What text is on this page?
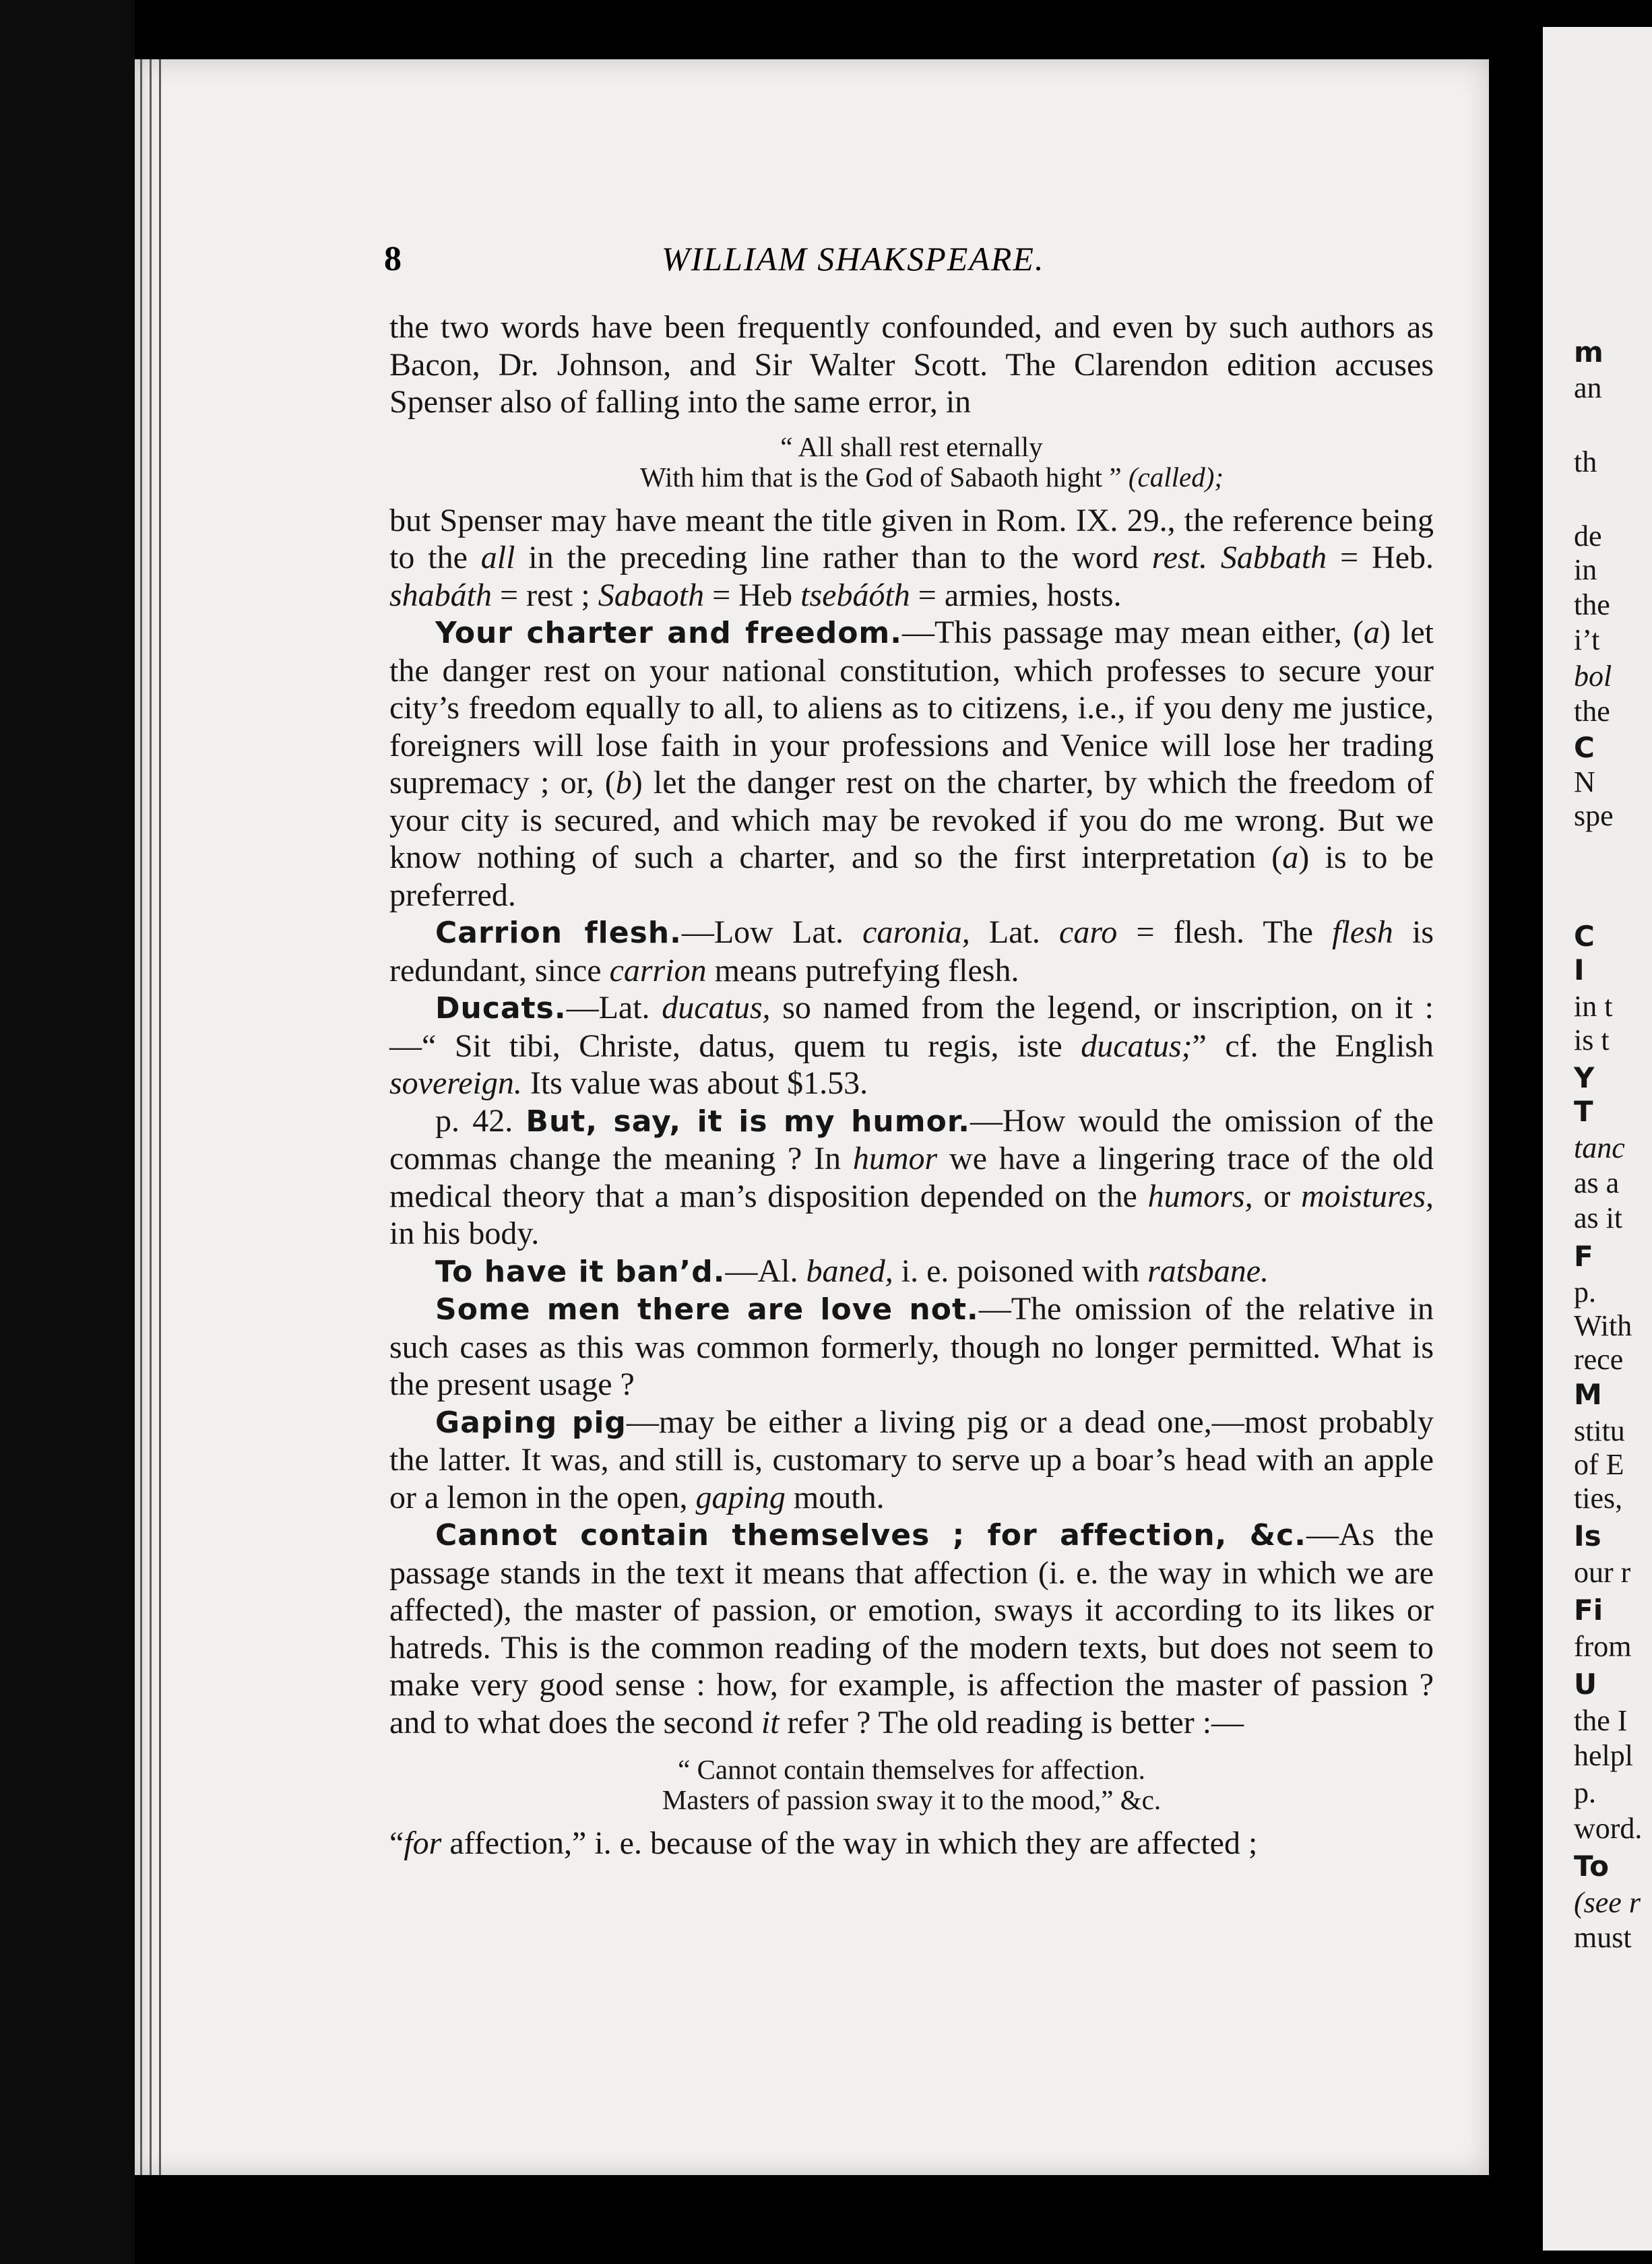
8	WILLIAM SHAKSPEARE.

the two words have been frequently confounded, and even by such authors as Bacon, Dr. Johnson, and Sir Walter Scott. The Clarendon edition accuses Spenser also of falling into the same error, in

“ All shall rest eternally
With him that is the God of Sabaoth hight ” (called);

but Spenser may have meant the title given in Rom. IX. 29., the reference being to the all in the preceding line rather than to the word rest. Sabbath = Heb. shabáth = rest ; Sabaoth = Heb tsebáóth = armies, hosts.

Your charter and freedom.—This passage may mean either, (a) let the danger rest on your national constitution, which professes to secure your city’s freedom equally to all, to aliens as to citizens, i.e., if you deny me justice, foreigners will lose faith in your professions and Venice will lose her trading supremacy ; or, (b) let the danger rest on the charter, by which the freedom of your city is secured, and which may be revoked if you do me wrong. But we know nothing of such a charter, and so the first interpretation (a) is to be preferred.

Carrion flesh.—Low Lat. caronia, Lat. caro = flesh. The flesh is redundant, since carrion means putrefying flesh.

Ducats.—Lat. ducatus, so named from the legend, or inscription, on it :—“ Sit tibi, Christe, datus, quem tu regis, iste ducatus;” cf. the English sovereign. Its value was about $1.53.

p. 42. But, say, it is my humor.—How would the omission of the commas change the meaning ? In humor we have a lingering trace of the old medical theory that a man’s disposition depended on the humors, or moistures, in his body.

To have it ban’d.—Al. baned, i. e. poisoned with ratsbane.

Some men there are love not.—The omission of the relative in such cases as this was common formerly, though no longer permitted. What is the present usage ?

Gaping pig—may be either a living pig or a dead one,—most probably the latter. It was, and still is, customary to serve up a boar’s head with an apple or a lemon in the open, gaping mouth.

Cannot contain themselves ; for affection, &c.—As the passage stands in the text it means that affection (i. e. the way in which we are affected), the master of passion, or emotion, sways it according to its likes or hatreds. This is the common reading of the modern texts, but does not seem to make very good sense : how, for example, is affection the master of passion ? and to what does the second it refer ? The old reading is better :—

“ Cannot contain themselves for affection.
Masters of passion sway it to the mood,” &c.

“for affection,” i. e. because of the way in which they are affected ;

m
an
th
de
in
the
i’t
bol
the
C
N
spe
C
I
in t
is t
Y
T
tanc
as a
as it
F
p.
With
rece
M
stitu
of E
ties,
Is
our r
Fi
from
U
the I
helpl
p.
word.
To
(see r
must
